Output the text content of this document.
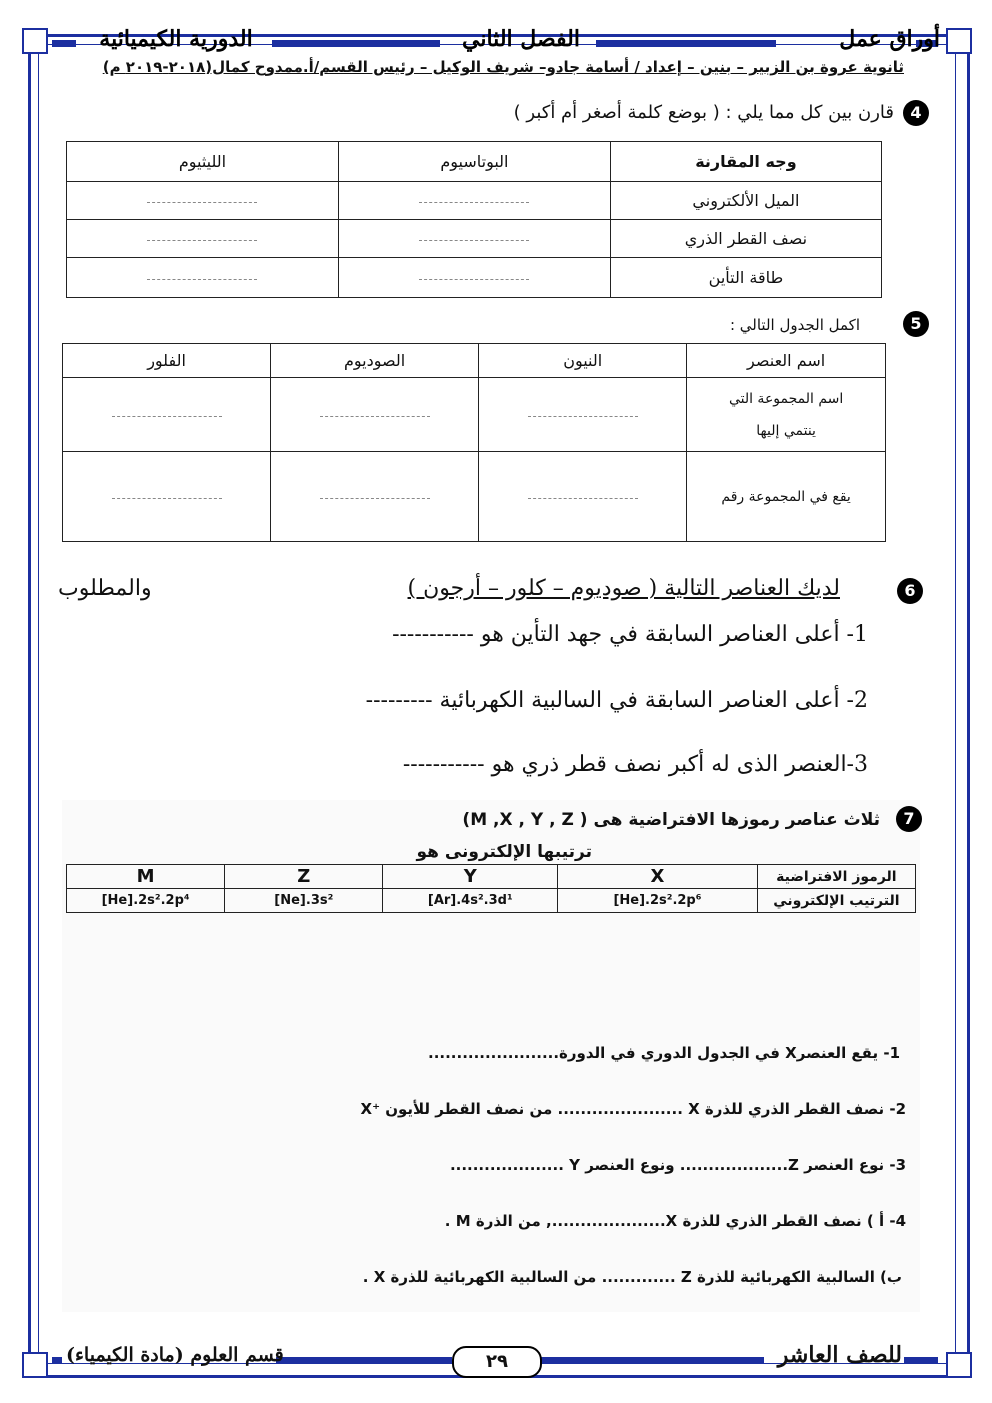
أوراق عمل
الفصل الثاني
الدورية الكيميائية
ثانوية عروة بن الزبير – بنين – إعداد / أسامة جادو– شريف الوكيل – رئيس القسم/أ.ممدوح كمال(٢٠١٨-٢٠١٩ م)
4
قارن بين كل مما يلي : ( بوضع كلمة أصغر أم أكبر )
الليثيوم	البوتاسيوم	وجه المقارنة
		الميل الألكتروني
		نصف القطر الذري
		طاقة التأين
5
اكمل الجدول التالي :
الفلور	الصوديوم	النيون	اسم العنصر

			اسم المجموعة التي
ينتمي إليها

			يقع في المجموعة رقم
6
لديك العناصر التالية ( صوديوم – كلور – أرجون )
والمطلوب
1- أعلى العناصر السابقة في جهد التأين هو -----------
2- أعلى العناصر السابقة في السالبية الكهربائية ---------
3-العنصر الذى له أكبر نصف قطر ذري هو -----------
7
ثلاث عناصر رموزها الافتراضية هى ( M ,X , Y , Z)
ترتيبها الإلكترونى هو
M	Z	Y	X	الرموز الافتراضية
[He].2s².2p⁴	[Ne].3s²	[Ar].4s².3d¹	[He].2s².2p⁶	الترتيب الإلكتروني
1- يقع العنصرX في الجدول الدوري في الدورة.......................
2- نصف القطر الذري للذرة X ...................... من نصف القطر للأيون ⁺X
3- نوع العنصر Z................... ونوع العنصر Y ....................
4- أ ) نصف القطر الذري للذرة X...................., من الذرة M .
ب) السالبية الكهربائية للذرة Z ............. من السالبية الكهربائية للذرة X .
للصف العاشر
٢٩
قسم العلوم (مادة الكيمياء)
